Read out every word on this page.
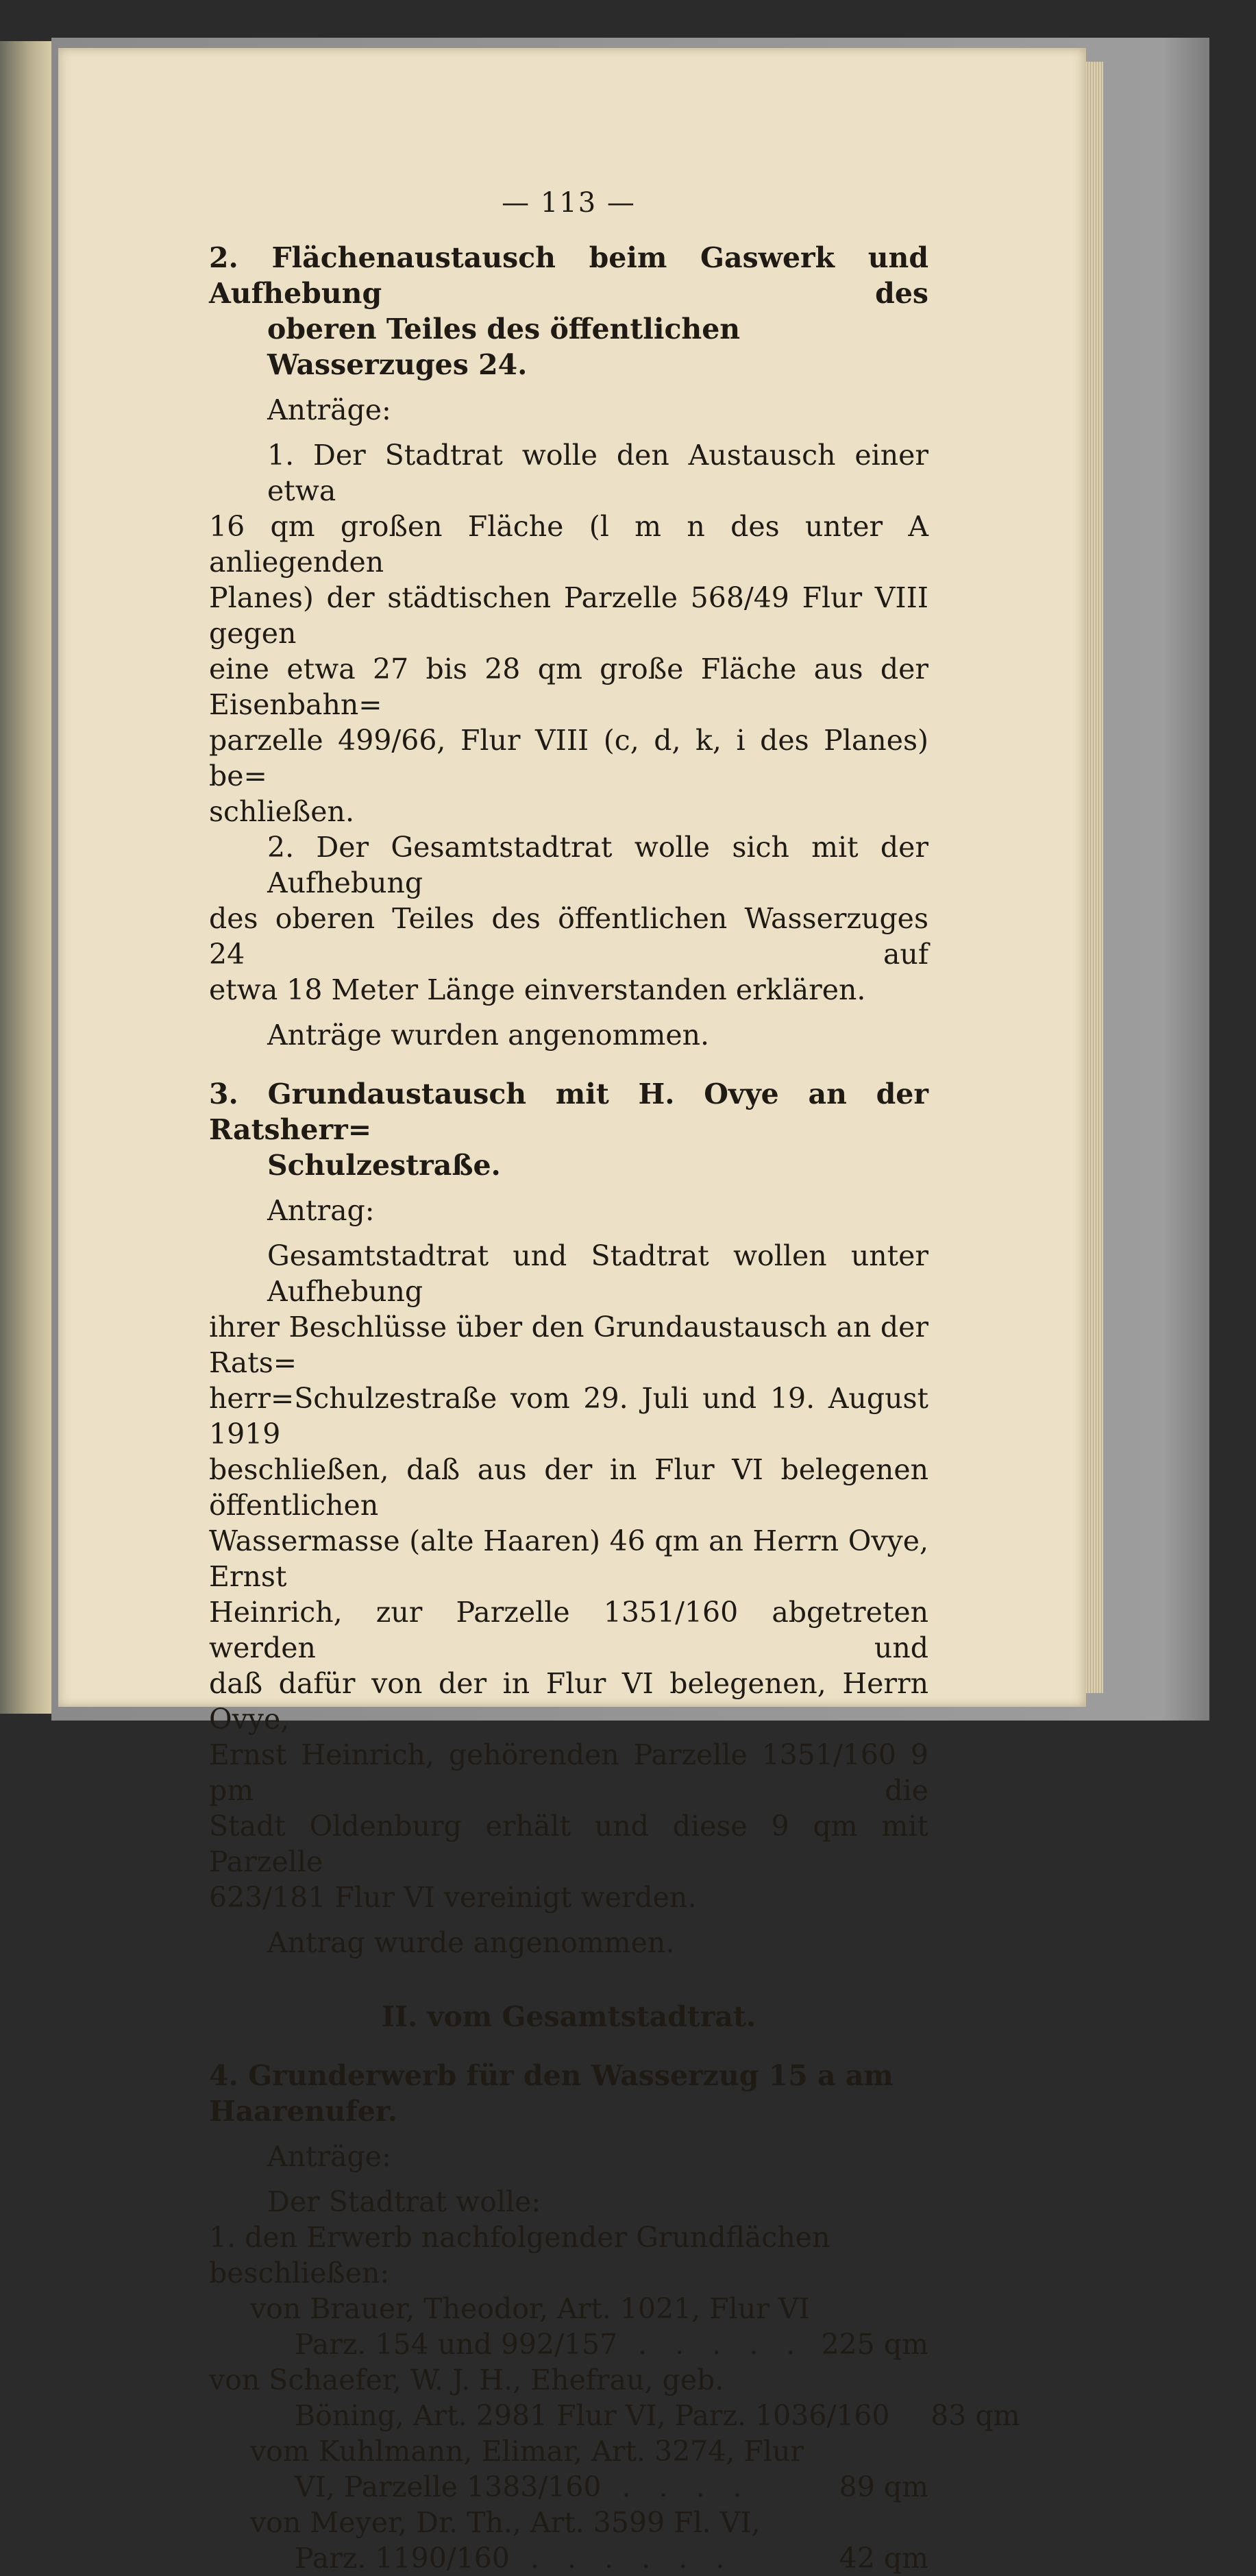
— 113 —

2. Flächenaustausch beim Gaswerk und Aufhebung des

oberen Teiles des öffentlichen Wasserzuges 24.

Anträge:

1. Der Stadtrat wolle den Austausch einer etwa

16 qm großen Fläche (l m n des unter A anliegenden

Planes) der städtischen Parzelle 568/49 Flur VIII gegen

eine etwa 27 bis 28 qm große Fläche aus der Eisenbahn=

parzelle 499/66, Flur VIII (c, d, k, i des Planes) be=

schließen.

2. Der Gesamtstadtrat wolle sich mit der Aufhebung

des oberen Teiles des öffentlichen Wasserzuges 24 auf

etwa 18 Meter Länge einverstanden erklären.

Anträge wurden angenommen.

3. Grundaustausch mit H. Ovye an der Ratsherr=

Schulzestraße.

Antrag:

Gesamtstadtrat und Stadtrat wollen unter Aufhebung

ihrer Beschlüsse über den Grundaustausch an der Rats=

herr=Schulzestraße vom 29. Juli und 19. August 1919

beschließen, daß aus der in Flur VI belegenen öffentlichen

Wassermasse (alte Haaren) 46 qm an Herrn Ovye, Ernst

Heinrich, zur Parzelle 1351/160 abgetreten werden und

daß dafür von der in Flur VI belegenen, Herrn Ovye,

Ernst Heinrich, gehörenden Parzelle 1351/160 9 pm die

Stadt Oldenburg erhält und diese 9 qm mit Parzelle

623/181 Flur VI vereinigt werden.

Antrag wurde angenommen.

II. vom Gesamtstadtrat.

4. Grunderwerb für den Wasserzug 15 a am Haarenufer.

Anträge:

Der Stadtrat wolle:

1. den Erwerb nachfolgender Grundflächen beschließen:

von Brauer, Theodor, Art. 1021, Flur VI

Parz. 154 und 992/157 . . . . . 225 qm

von Schaefer, W. J. H., Ehefrau, geb.

Böning, Art. 2981 Flur VI, Parz. 1036/160	83 qm

vom Kuhlmann, Elimar, Art. 3274, Flur

VI, Parzelle 1383/160 . . . .	89 qm

von Meyer, Dr. Th., Art. 3599 Fl. VI,

Parz. 1190/160 . . . . . .	42 qm
